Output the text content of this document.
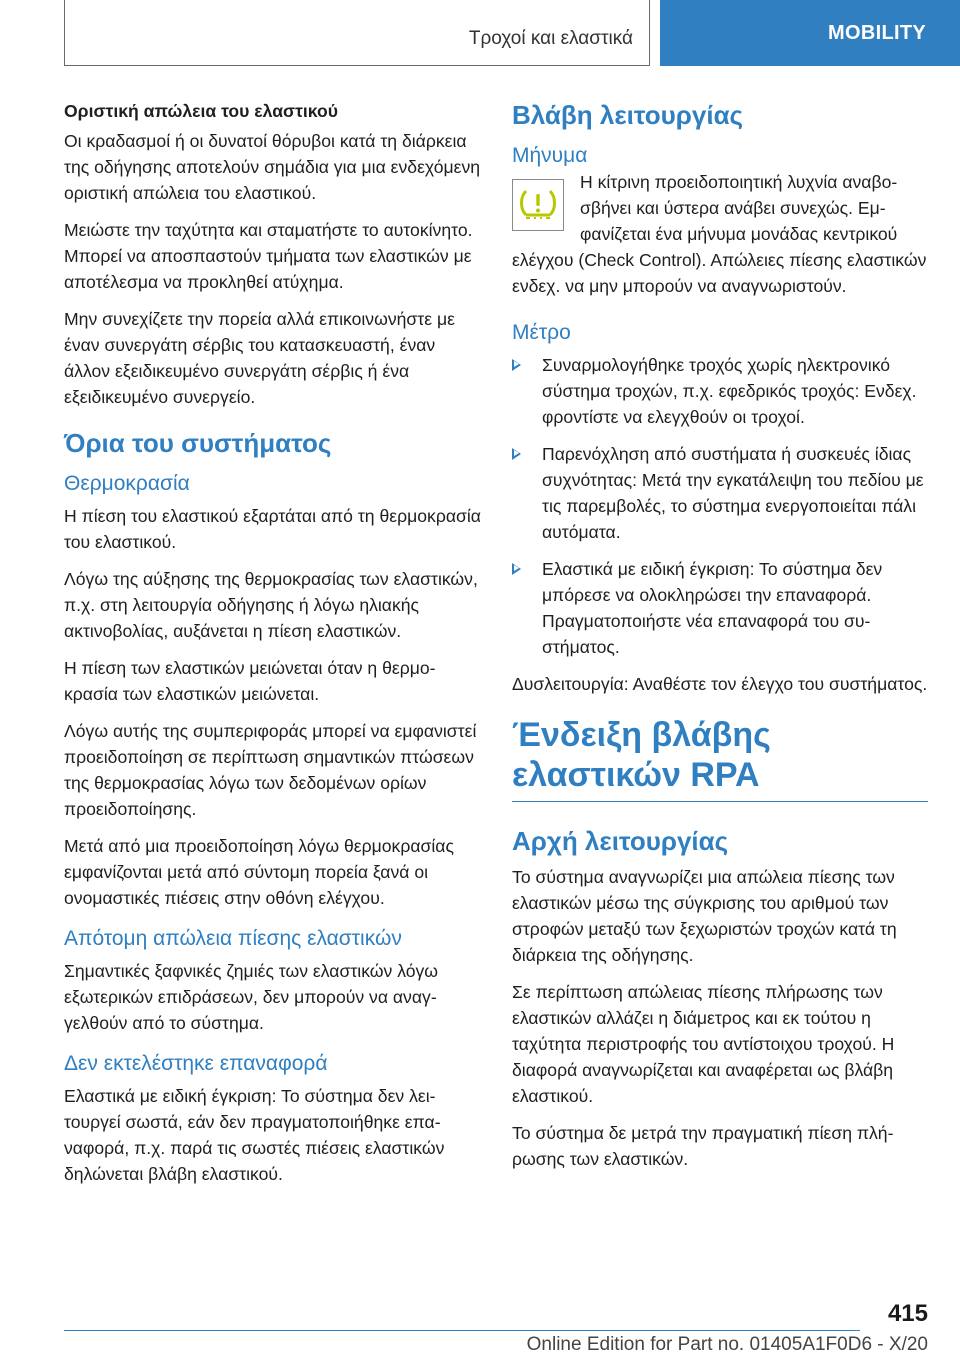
Τροχοί και ελαστικά	MOBILITY
Οριστική απώλεια του ελαστικού

Οι κραδασμοί ή οι δυνατοί θόρυβοι κατά τη διάρκεια της οδήγησης αποτελούν σημάδια για μια ενδεχόμενη οριστική απώλεια του ελαστικού.

Μειώστε την ταχύτητα και σταματήστε το αυτοκίνητο. Μπορεί να αποσπαστούν τμήματα των ελαστικών με αποτέλεσμα να προκληθεί ατύχημα.

Μην συνεχίζετε την πορεία αλλά επικοινωνήστε με έναν συνεργάτη σέρβις του κατασκευαστή, έναν άλλον εξειδικευμένο συνεργάτη σέρβις ή ένα εξειδικευμένο συνεργείο.

Όρια του συστήματος
Θερμοκρασία

Η πίεση του ελαστικού εξαρτάται από τη θερμοκρασία του ελαστικού.

Λόγω της αύξησης της θερμοκρασίας των ελαστικών, π.χ. στη λειτουργία οδήγησης ή λόγω ηλιακής ακτινοβολίας, αυξάνεται η πίεση ελαστικών.

Η πίεση των ελαστικών μειώνεται όταν η θερμοκρασία των ελαστικών μειώνεται.

Λόγω αυτής της συμπεριφοράς μπορεί να εμφανιστεί προειδοποίηση σε περίπτωση σημαντικών πτώσεων της θερμοκρασίας λόγω των δεδομένων ορίων προειδοποίησης.

Μετά από μια προειδοποίηση λόγω θερμοκρασίας εμφανίζονται μετά από σύντομη πορεία ξανά οι ονομαστικές πιέσεις στην οθόνη ελέγχου.

Απότομη απώλεια πίεσης ελαστικών

Σημαντικές ξαφνικές ζημιές των ελαστικών λόγω εξωτερικών επιδράσεων, δεν μπορούν να αναγγελθούν από το σύστημα.

Δεν εκτελέστηκε επαναφορά

Ελαστικά με ειδική έγκριση: Το σύστημα δεν λειτουργεί σωστά, εάν δεν πραγματοποιήθηκε επαναφορά, π.χ. παρά τις σωστές πιέσεις ελαστικών δηλώνεται βλάβη ελαστικού.

Βλάβη λειτουργίας
Μήνυμα

Η κίτρινη προειδοποιητική λυχνία αναβοσβήνει και ύστερα ανάβει συνεχώς. Εμφανίζεται ένα μήνυμα μονάδας κεντρικού ελέγχου (Check Control). Απώλειες πίεσης ελαστικών ενδεχ. να μην μπορούν να αναγνωριστούν.

Μέτρο
Συναρμολογήθηκε τροχός χωρίς ηλεκτρονικό σύστημα τροχών, π.χ. εφεδρικός τροχός: Ενδεχ. φροντίστε να ελεγχθούν οι τροχοί.
Παρενόχληση από συστήματα ή συσκευές ίδιας συχνότητας: Μετά την εγκατάλειψη του πεδίου με τις παρεμβολές, το σύστημα ενεργοποιείται πάλι αυτόματα.
Ελαστικά με ειδική έγκριση: Το σύστημα δεν μπόρεσε να ολοκληρώσει την επαναφορά. Πραγματοποιήστε νέα επαναφορά του συστήματος.

Δυσλειτουργία: Αναθέστε τον έλεγχο του συστήματος.

Ένδειξη βλάβης ελαστικών RPA
Αρχή λειτουργίας

Το σύστημα αναγνωρίζει μια απώλεια πίεσης των ελαστικών μέσω της σύγκρισης του αριθμού των στροφών μεταξύ των ξεχωριστών τροχών κατά τη διάρκεια της οδήγησης.

Σε περίπτωση απώλειας πίεσης πλήρωσης των ελαστικών αλλάζει η διάμετρος και εκ τούτου η ταχύτητα περιστροφής του αντίστοιχου τροχού. Η διαφορά αναγνωρίζεται και αναφέρεται ως βλάβη ελαστικού.

Το σύστημα δε μετρά την πραγματική πίεση πλήρωσης των ελαστικών.

415
Online Edition for Part no. 01405A1F0D6 - X/20
